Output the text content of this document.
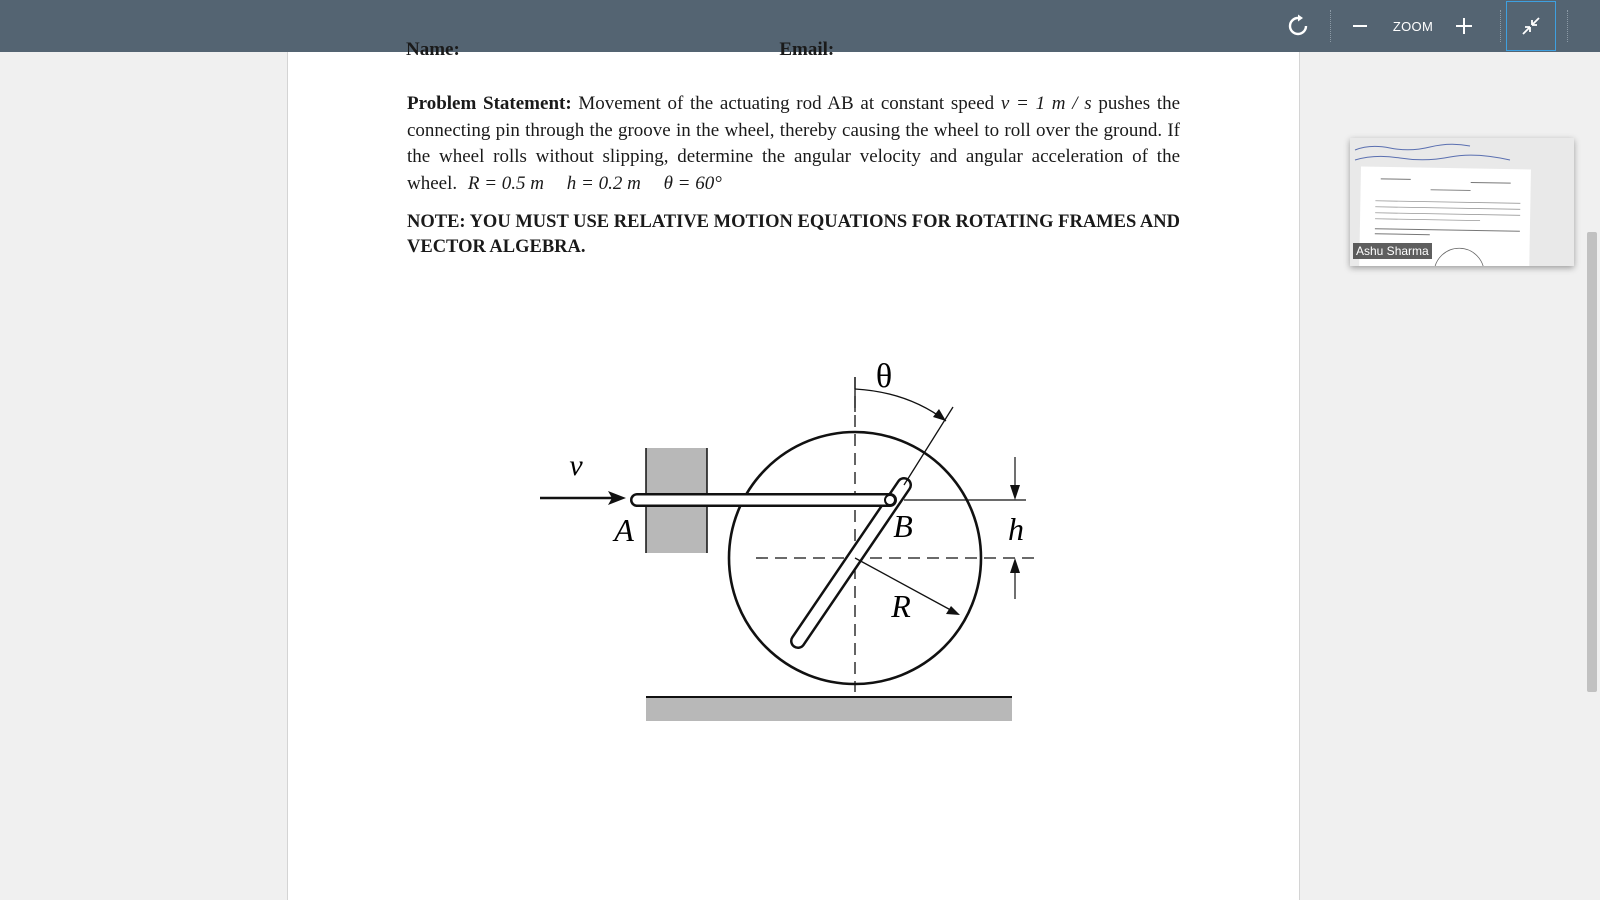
ZOOM
Name:	Email:
Problem Statement: Movement of the actuating rod AB at constant speed v = 1 m / s pushes the connecting pin through the groove in the wheel, thereby causing the wheel to roll over the ground. If the wheel rolls without slipping, determine the angular velocity and angular acceleration of the wheel. R = 0.5 m h = 0.2 m θ = 60°
NOTE: YOU MUST USE RELATIVE MOTION EQUATIONS FOR ROTATING FRAMES AND VECTOR ALGEBRA.
θ
v
A	B	h
R
Ashu Sharma
